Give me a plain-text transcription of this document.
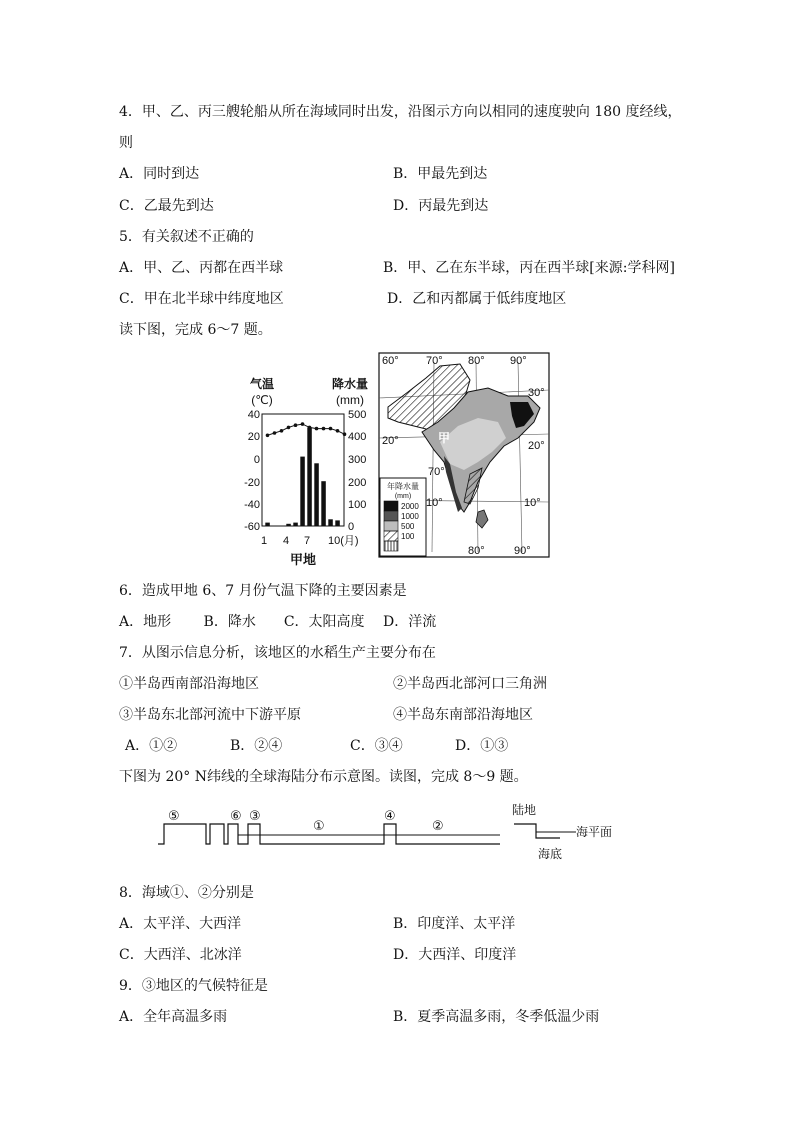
4．甲、乙、丙三艘轮船从所在海域同时出发，沿图示方向以相同的速度驶向 180 度经线，
则
A．同时到达	B．甲最先到达
C．乙最先到达	D．丙最先到达
5．有关叙述不正确的
A．甲、乙、丙都在西半球	B．甲、乙在东半球，丙在西半球[来源:学科网]
C．甲在北半球中纬度地区	D．乙和丙都属于低纬度地区
读下图，完成 6～7 题。
气温
(℃)
降水量
(mm)
40
20
0
-20
-40
-60
500
400
300
200
100
0
1 4 7 10(月)
甲地
60° 70° 80° 90°
30°
20°	20°
70°
10°	10°
80°	90°
甲
年降水量
(mm)
2000
1000
500
100
6．造成甲地 6、7 月份气温下降的主要因素是
A．地形　　 B．降水　　C．太阳高度　 D．洋流
7．从图示信息分析，该地区的水稻生产主要分布在
①半岛西南部沿海地区	②半岛西北部河口三角洲
③半岛东北部河流中下游平原	④半岛东南部沿海地区
A．①②	B．②④	C．③④	D．①③
下图为 20° N纬线的全球海陆分布示意图。读图，完成 8～9 题。
⑤	⑥ ③
①
④
②
陆地
海平面
海底
8．海域①、②分别是
A．太平洋、大西洋	B．印度洋、太平洋
C．大西洋、北冰洋	D．大西洋、印度洋
9．③地区的气候特征是
A．全年高温多雨	B．夏季高温多雨，冬季低温少雨
